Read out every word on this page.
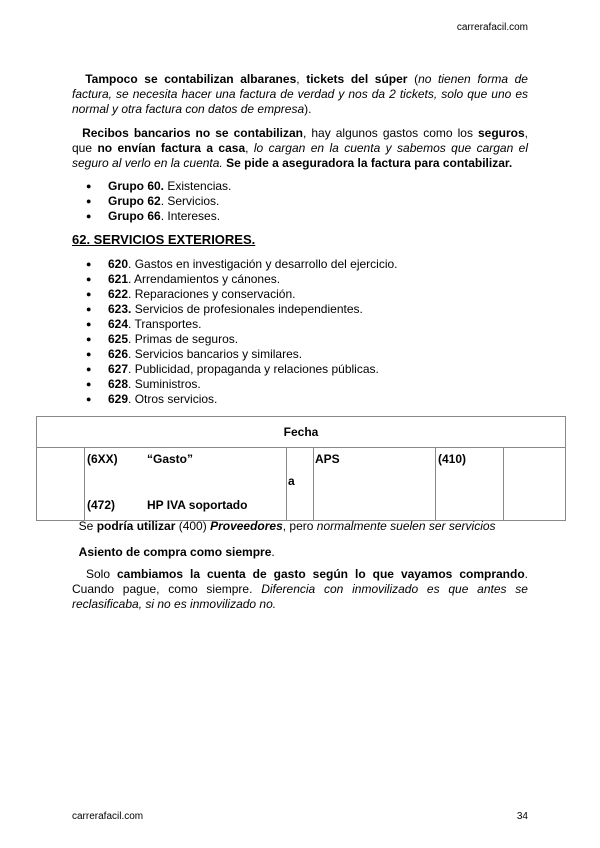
carrerafacil.com
Tampoco se contabilizan albaranes, tickets del súper (no tienen forma de factura, se necesita hacer una factura de verdad y nos da 2 tickets, solo que uno es normal y otra factura con datos de empresa).
Recibos bancarios no se contabilizan, hay algunos gastos como los seguros, que no envían factura a casa, lo cargan en la cuenta y sabemos que cargan el seguro al verlo en la cuenta. Se pide a aseguradora la factura para contabilizar.
● Grupo 60. Existencias.
● Grupo 62. Servicios.
● Grupo 66. Intereses.
62. SERVICIOS EXTERIORES.
● 620. Gastos en investigación y desarrollo del ejercicio.
● 621. Arrendamientos y cánones.
● 622. Reparaciones y conservación.
● 623. Servicios de profesionales independientes.
● 624. Transportes.
● 625. Primas de seguros.
● 626. Servicios bancarios y similares.
● 627. Publicidad, propaganda y relaciones públicas.
● 628. Suministros.
● 629. Otros servicios.
Fecha
(6XX) “Gasto”
(472)	HP IVA soportado
a
APS	(410)
Se podría utilizar (400) Proveedores, pero normalmente suelen ser servicios
Asiento de compra como siempre.
Solo cambiamos la cuenta de gasto según lo que vayamos comprando. Cuando pague, como siempre. Diferencia con inmovilizado es que antes se reclasificaba, si no es inmovilizado no.
carrerafacil.com	34
